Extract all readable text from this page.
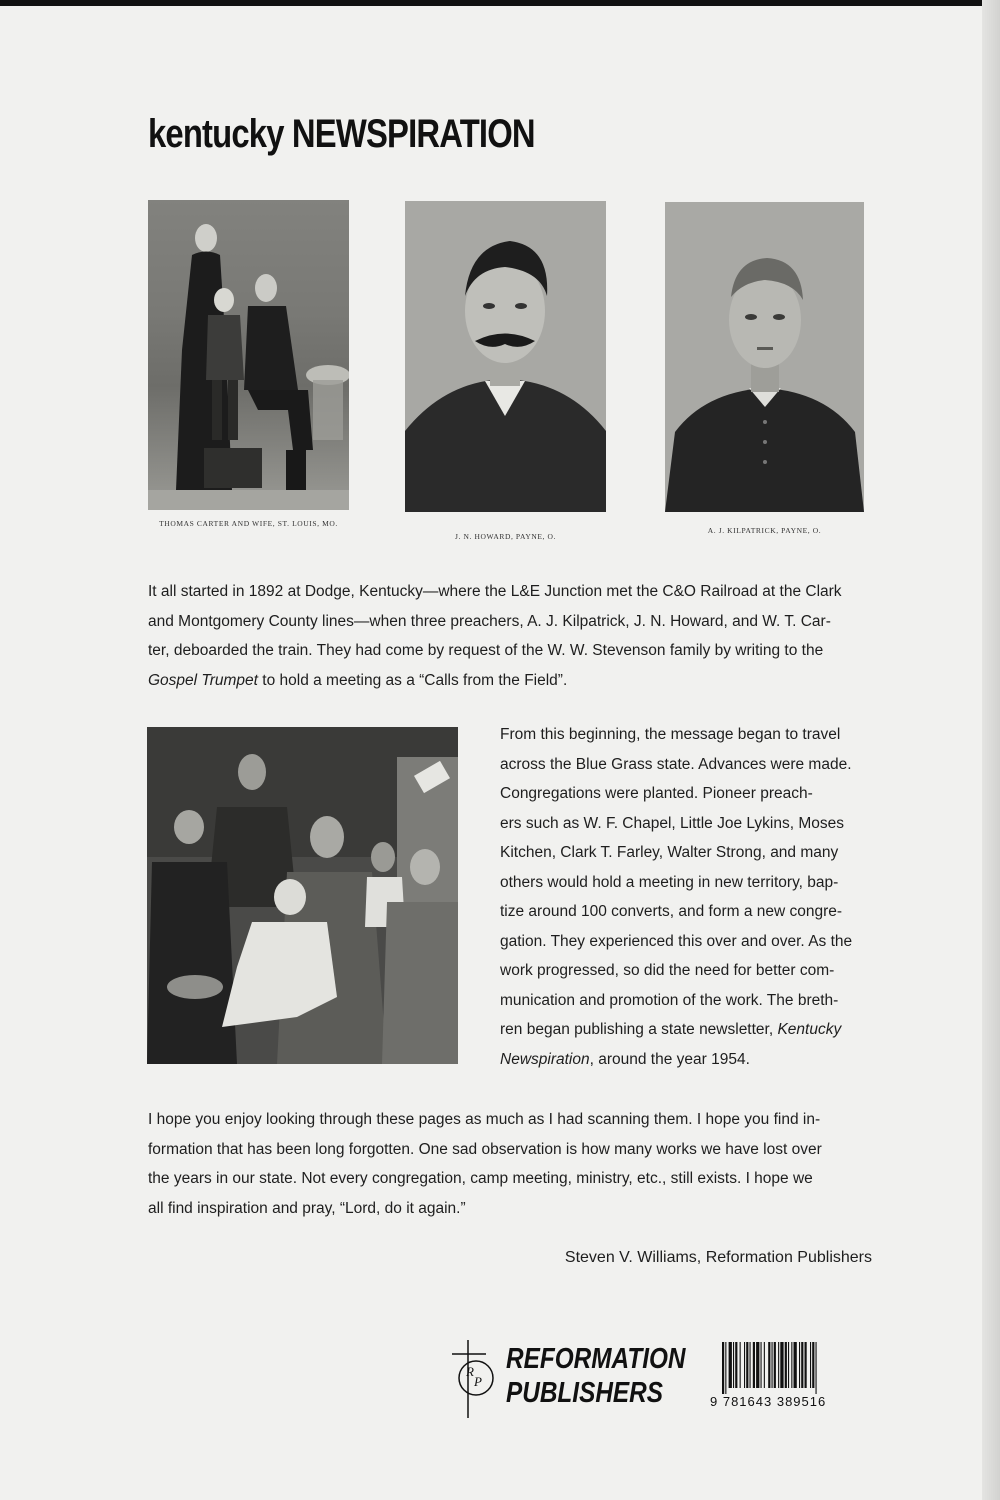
kentucky NEWSPIRATION
THOMAS CARTER AND WIFE, ST. LOUIS, MO.
J. N. HOWARD, PAYNE, O.
A. J. KILPATRICK, PAYNE, O.
It all started in 1892 at Dodge, Kentucky—where the L&E Junction met the C&O Railroad at the Clark
and Montgomery County lines—when three preachers, A. J. Kilpatrick, J. N. Howard, and W. T. Car-
ter, deboarded the train. They had come by request of the W. W. Stevenson family by writing to the
Gospel Trumpet to hold a meeting as a “Calls from the Field”.
From this beginning, the message began to travel
across the Blue Grass state. Advances were made.
Congregations were planted. Pioneer preach-
ers such as W. F. Chapel, Little Joe Lykins, Moses
Kitchen, Clark T. Farley, Walter Strong, and many
others would hold a meeting in new territory, bap-
tize around 100 converts, and form a new congre-
gation. They experienced this over and over. As the
work progressed, so did the need for better com-
munication and promotion of the work. The breth-
ren began publishing a state newsletter, Kentucky
Newspiration, around the year 1954.
I hope you enjoy looking through these pages as much as I had scanning them. I hope you find in-
formation that has been long forgotten. One sad observation is how many works we have lost over
the years in our state. Not every congregation, camp meeting, ministry, etc., still exists. I hope we
all find inspiration and pray, “Lord, do it again.”
Steven V. Williams, Reformation Publishers
R
P
REFORMATION
PUBLISHERS	9 781643 389516
